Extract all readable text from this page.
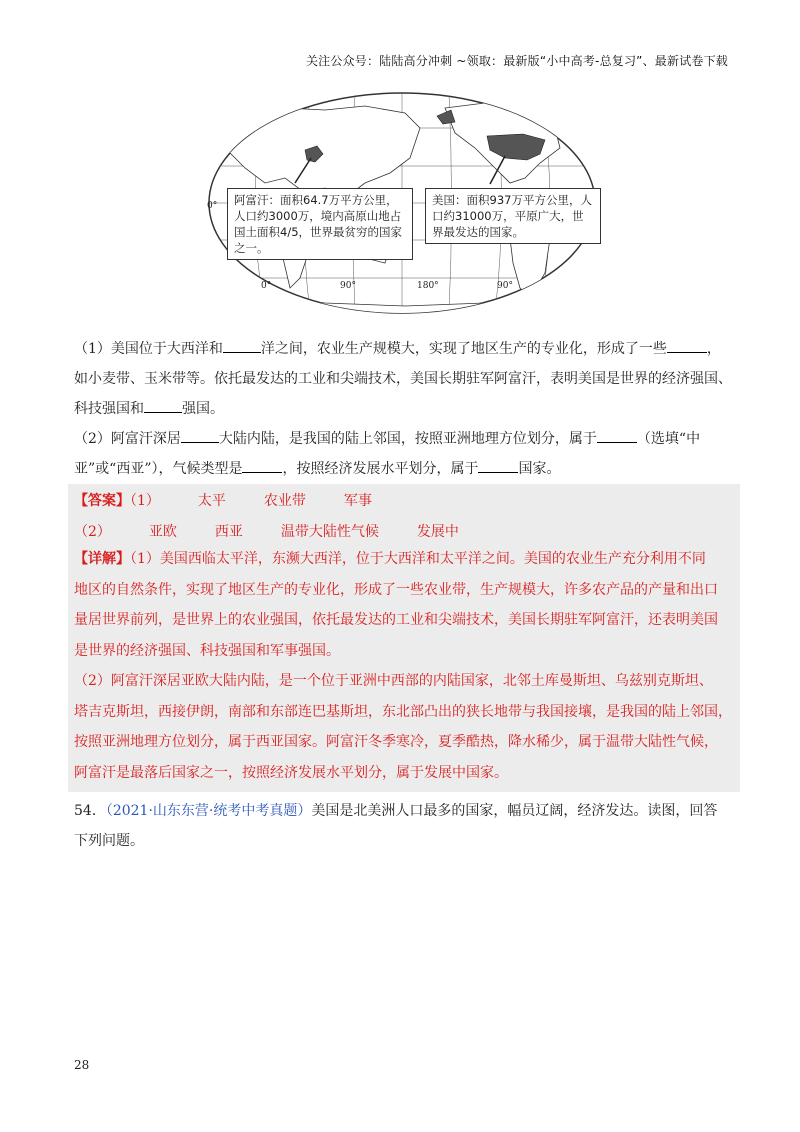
关注公众号：陆陆高分冲刺 ~领取：最新版“小中高考-总复习”、最新试卷下载
0°
0°	90°	180°	90°
阿富汗：面积64.7万平方公里，人口约3000万，境内高原山地占国土面积4/5，世界最贫穷的国家之一。
美国：面积937万平方公里，人口约31000万，平原广大，世界最发达的国家。
（1）美国位于大西洋和	洋之间，农业生产规模大，实现了地区生产的专业化，形成了一些	，
如小麦带、玉米带等。依托最发达的工业和尖端技术，美国长期驻军阿富汗，表明美国是世界的经济强国、
科技强国和	强国。
（2）阿富汗深居	大陆内陆，是我国的陆上邻国，按照亚洲地理方位划分，属于	（选填“中
亚”或“西亚”），气候类型是	，按照经济发展水平划分，属于	国家。
【答案】（1）	太平	农业带	军事
（2）	亚欧	西亚	温带大陆性气候	发展中
【详解】（1）美国西临太平洋，东濒大西洋，位于大西洋和太平洋之间。美国的农业生产充分利用不同
地区的自然条件，实现了地区生产的专业化，形成了一些农业带，生产规模大，许多农产品的产量和出口
量居世界前列，是世界上的农业强国，依托最发达的工业和尖端技术，美国长期驻军阿富汗，还表明美国
是世界的经济强国、科技强国和军事强国。
（2）阿富汗深居亚欧大陆内陆，是一个位于亚洲中西部的内陆国家，北邻土库曼斯坦、乌兹别克斯坦、
塔吉克斯坦，西接伊朗，南部和东部连巴基斯坦，东北部凸出的狭长地带与我国接壤，是我国的陆上邻国，
按照亚洲地理方位划分，属于西亚国家。阿富汗冬季寒冷，夏季酷热，降水稀少，属于温带大陆性气候，
阿富汗是最落后国家之一，按照经济发展水平划分，属于发展中国家。
54．（2021·山东东营·统考中考真题）美国是北美洲人口最多的国家，幅员辽阔，经济发达。读图，回答
下列问题。
28
